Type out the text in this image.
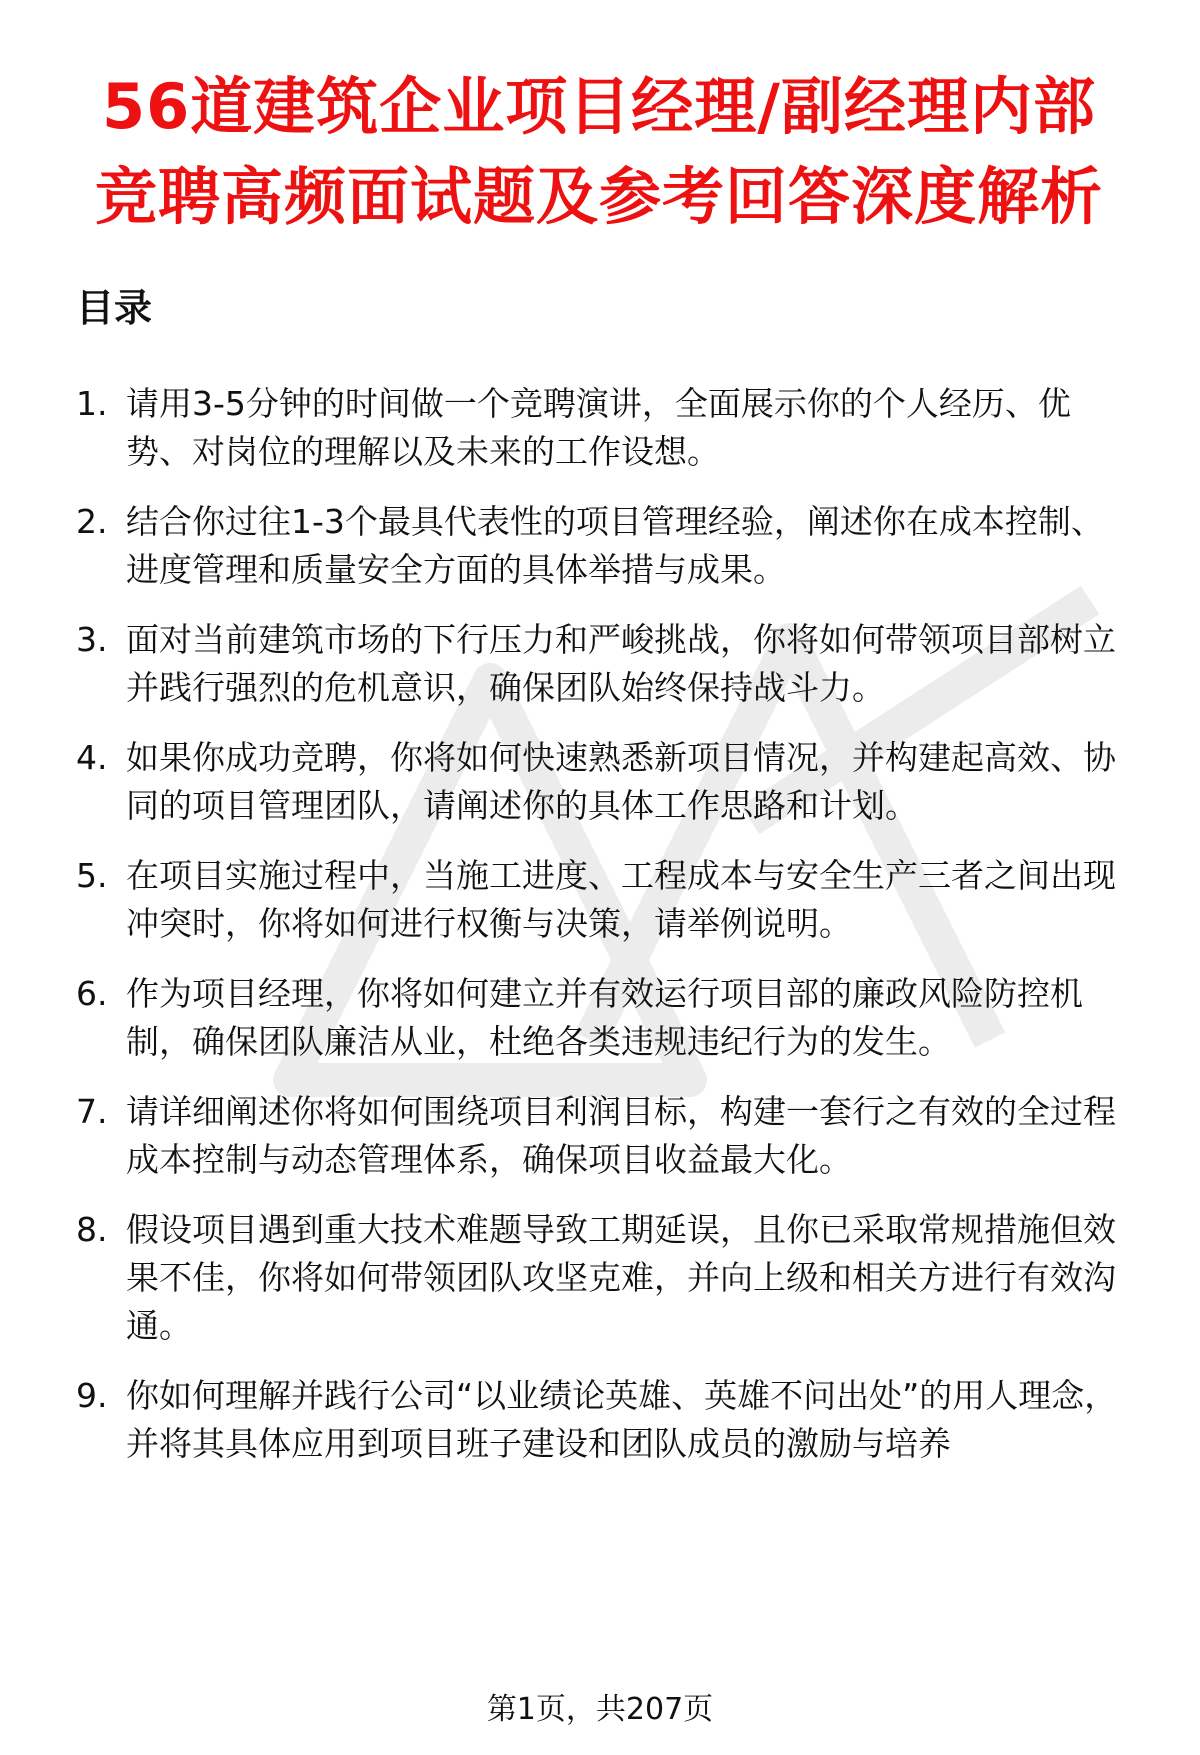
56道建筑企业项目经理/副经理内部竞聘高频面试题及参考回答深度解析
目录
1. 请用3-5分钟的时间做一个竞聘演讲，全面展示你的个人经历、优势、对岗位的理解以及未来的工作设想。
2. 结合你过往1-3个最具代表性的项目管理经验，阐述你在成本控制、进度管理和质量安全方面的具体举措与成果。
3. 面对当前建筑市场的下行压力和严峻挑战，你将如何带领项目部树立并践行强烈的危机意识，确保团队始终保持战斗力。
4. 如果你成功竞聘，你将如何快速熟悉新项目情况，并构建起高效、协同的项目管理团队，请阐述你的具体工作思路和计划。
5. 在项目实施过程中，当施工进度、工程成本与安全生产三者之间出现冲突时，你将如何进行权衡与决策，请举例说明。
6. 作为项目经理，你将如何建立并有效运行项目部的廉政风险防控机制，确保团队廉洁从业，杜绝各类违规违纪行为的发生。
7. 请详细阐述你将如何围绕项目利润目标，构建一套行之有效的全过程成本控制与动态管理体系，确保项目收益最大化。
8. 假设项目遇到重大技术难题导致工期延误，且你已采取常规措施但效果不佳，你将如何带领团队攻坚克难，并向上级和相关方进行有效沟通。
9. 你如何理解并践行公司“以业绩论英雄、英雄不问出处”的用人理念，并将其具体应用到项目班子建设和团队成员的激励与培养
第1页，共207页
